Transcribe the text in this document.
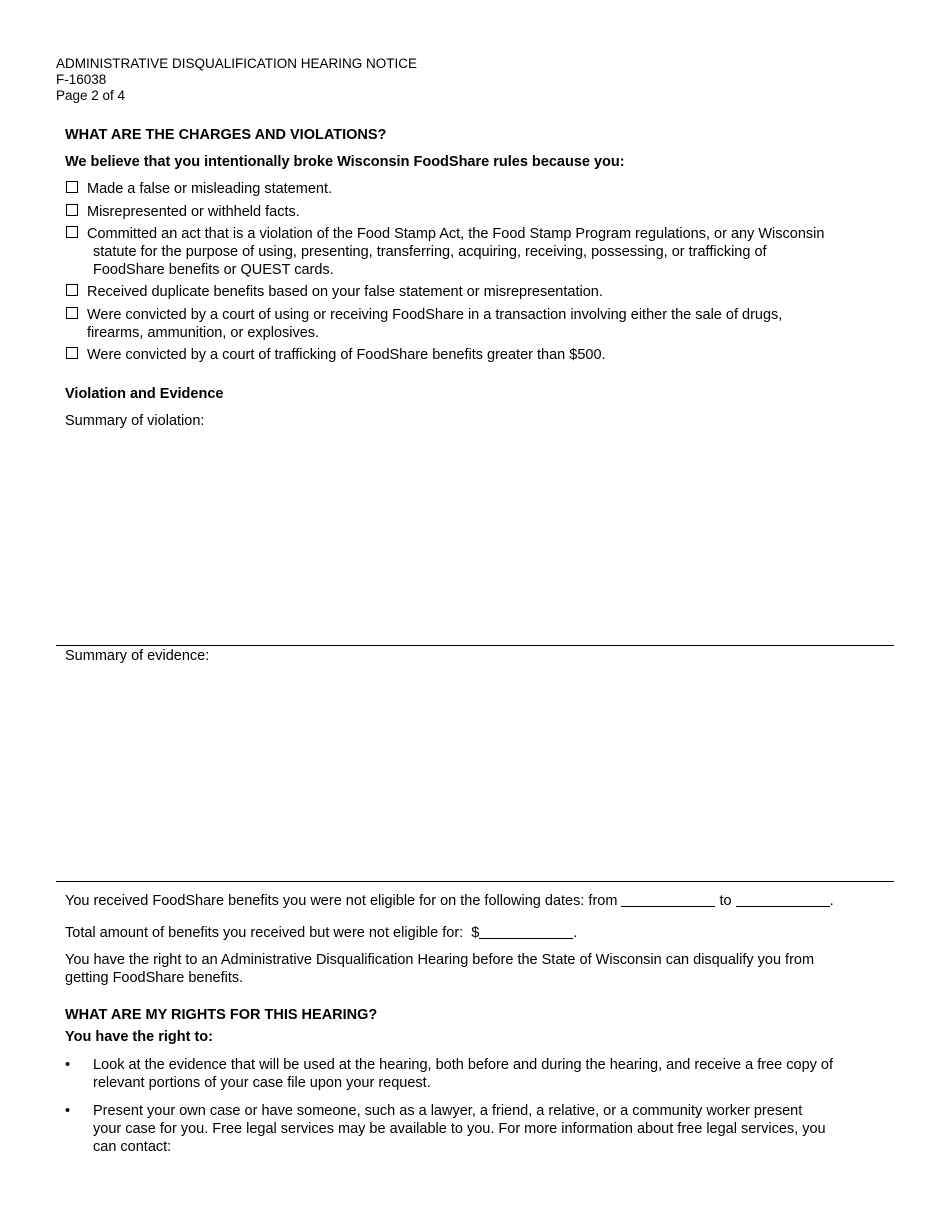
ADMINISTRATIVE DISQUALIFICATION HEARING NOTICE
F-16038
Page 2 of 4
WHAT ARE THE CHARGES AND VIOLATIONS?
We believe that you intentionally broke Wisconsin FoodShare rules because you:
Made a false or misleading statement.
Misrepresented or withheld facts.
Committed an act that is a violation of the Food Stamp Act, the Food Stamp Program regulations, or any Wisconsin
statute for the purpose of using, presenting, transferring, acquiring, receiving, possessing, or trafficking of
FoodShare benefits or QUEST cards.
Received duplicate benefits based on your false statement or misrepresentation.
Were convicted by a court of using or receiving FoodShare in a transaction involving either the sale of drugs,
firearms, ammunition, or explosives.
Were convicted by a court of trafficking of FoodShare benefits greater than $500.
Violation and Evidence
Summary of violation:
Summary of evidence:
You received FoodShare benefits you were not eligible for on the following dates: from	to	.
Total amount of benefits you received but were not eligible for:  $	.
You have the right to an Administrative Disqualification Hearing before the State of Wisconsin can disqualify you from
getting FoodShare benefits.
WHAT ARE MY RIGHTS FOR THIS HEARING?
You have the right to:
•	Look at the evidence that will be used at the hearing, both before and during the hearing, and receive a free copy of
relevant portions of your case file upon your request.
•	Present your own case or have someone, such as a lawyer, a friend, a relative, or a community worker present
your case for you. Free legal services may be available to you. For more information about free legal services, you
can contact:
